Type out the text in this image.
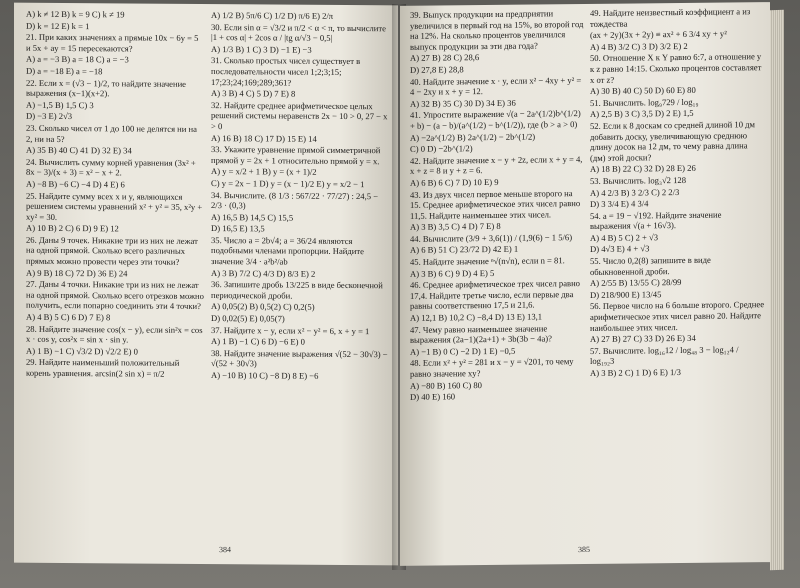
A) k ≠ 12 B) k = 9 C) k ≠ 19
D) k = 12 E) k = 1
21. При каких значениях a прямые 10x − 6y = 5 и 5x + ay = 15 пересекаются?
A) a = −3 B) a = 18 C) a = −3
D) a = −18 E) a = −18
22. Если x = (√3 − 1)/2, то найдите значение выражения (x−1)(x+2).
A) −1,5 B) 1,5 C) 3
D) −3 E) 2√3
23. Сколько чисел от 1 до 100 не делятся ни на 2, ни на 5?
A) 35 B) 40 C) 41 D) 32 E) 34
24. Вычислить сумму корней уравнения (3x² + 8x − 3)/(x + 3) = x² − x + 2.
A) −8 B) −6 C) −4 D) 4 E) 6
25. Найдите сумму всех x и y, являющихся решением системы уравнений x² + y² = 35, x²y + xy² = 30.
A) 10 B) 2 C) 6 D) 9 E) 12
26. Даны 9 точек. Никакие три из них не лежат на одной прямой. Сколько всего различных прямых можно провести через эти точки?
A) 9 B) 18 C) 72 D) 36 E) 24
27. Даны 4 точки. Никакие три из них не лежат на одной прямой. Сколько всего отрезков можно получить, если попарно соединить эти 4 точки?
A) 4 B) 5 C) 6 D) 7 E) 8
28. Найдите значение cos(x − y), если sin²x = cos x · cos y, cos²x = sin x · sin y.
A) 1 B) −1 C) √3/2 D) √2/2 E) 0
29. Найдите наименьший положительный корень уравнения. arcsin(2 sin x) = π/2
A) 1/2 B) 5π/6 C) 1/2 D) π/6 E) 2/π
30. Если sin α = √3/2 и π/2 < α < π, то вычислите |1 + cos α| + 2cos α / |tg α/√3 − 0,5|
A) 1/3 B) 1 C) 3 D) −1 E) −3
31. Сколько простых чисел существует в последовательности чисел 1;2;3;15; 17;23;24;169;289;361?
A) 3 B) 4 C) 5 D) 7 E) 8
32. Найдите среднее арифметическое целых решений системы неравенств 2x − 10 > 0, 27 − x > 0
A) 16 B) 18 C) 17 D) 15 E) 14
33. Укажите уравнение прямой симметричной прямой y = 2x + 1 относительно прямой y = x.
A) y = x/2 + 1 B) y = (x + 1)/2
C) y = 2x − 1 D) y = (x − 1)/2 E) y = x/2 − 1
34. Вычислите. (8 1/3 : 567/22 · 77/27) : 24,5 − 2/3 · (0,3)
A) 16,5 B) 14,5 C) 15,5
D) 16,5 E) 13,5
35. Число a = 2b√4; a = 36/24 являются подобными членами пропорции. Найдите значение 3/4 · a²b²/ab
A) 3 B) 7/2 C) 4/3 D) 8/3 E) 2
36. Запишите дробь 13/225 в виде бесконечной периодической дроби.
A) 0,05(2) B) 0,5(2) C) 0,2(5)
D) 0,02(5) E) 0,05(7)
37. Найдите x − y, если x² − y² = 6, x + y = 1
A) 1 B) −1 C) 6 D) −6 E) 0
38. Найдите значение выражения √(52 − 30√3) − √(52 + 30√3)
A) −10 B) 10 C) −8 D) 8 E) −6
384
39. Выпуск продукции на предприятии увеличился в первый год на 15%, во второй год на 12%. На сколько процентов увеличился выпуск продукции за эти два года?
A) 27 B) 28 C) 28,6
D) 27,8 E) 28,8
40. Найдите значение x · y, если x² − 4xy + y² = 4 − 2xy и x + y = 12.
A) 32 B) 35 C) 30 D) 34 E) 36
41. Упростите выражение √(a − 2a^(1/2)b^(1/2) + b) − (a − b)/(a^(1/2) − b^(1/2)), где (b > a > 0)
A) −2a^(1/2) B) 2a^(1/2) − 2b^(1/2)
C) 0 D) −2b^(1/2)
42. Найдите значение x − y + 2z, если x + y = 4, x + z = 8 и y + z = 6.
A) 6 B) 6 C) 7 D) 10 E) 9
43. Из двух чисел первое меньше второго на 15. Среднее арифметическое этих чисел равно 11,5. Найдите наименьшее этих чисел.
A) 3 B) 3,5 C) 4 D) 7 E) 8
44. Вычислите (3/9 + 3,6(1)) / (1,9(6) − 1 5/6)
A) 6 B) 51 C) 23/72 D) 42 E) 1
45. Найдите значение ⁿ√(n√n), если n = 81.
A) 3 B) 6 C) 9 D) 4 E) 5
46. Среднее арифметическое трех чисел равно 17,4. Найдите третье число, если первые два равны соответственно 17,5 и 21,6.
A) 12,1 B) 10,2 C) −8,4 D) 13 E) 13,1
47. Чему равно наименьшее значение выражения (2a−1)(2a+1) + 3b(3b − 4a)?
A) −1 B) 0 C) −2 D) 1 E) −0,5
48. Если x² + y² = 281 и x − y = √201, то чему равно значение xy?
A) −80 B) 160 C) 80
D) 40 E) 160
49. Найдите неизвестный коэффициент a из тождества
(ax + 2y)(3x + 2y) ≡ ax² + 6 3/4 xy + y²
A) 4 B) 3/2 C) 3 D) 3/2 E) 2
50. Отношение X к Y равно 6:7, а отношение y к z равно 14:15. Сколько процентов составляет x от z?
A) 30 B) 40 C) 50 D) 60 E) 80
51. Вычислить. log₉729 / log₁₉
A) 2,5 B) 3 C) 3,5 D) 2 E) 1,5
52. Если к 8 доскам со средней длиной 10 дм добавить доску, увеличивающую среднюю длину досок на 12 дм, то чему равна длина (дм) этой доски?
A) 18 B) 22 C) 32 D) 28 E) 26
53. Вычислить. log₃√2 128
A) 4 2/3 B) 3 2/3 C) 2 2/3
D) 3 3/4 E) 4 3/4
54. a = 19 − √192. Найдите значение выражения √(a + 16√3).
A) 4 B) 5 C) 2 + √3
D) 4√3 E) 4 + √3
55. Число 0,2(8) запишите в виде обыкновенной дроби.
A) 2/55 B) 13/55 C) 28/99
D) 218/900 E) 13/45
56. Первое число на 6 больше второго. Среднее арифметическое этих чисел равно 20. Найдите наибольшее этих чисел.
A) 27 B) 27 C) 33 D) 26 E) 34
57. Вычислите. log₁₆12 / log₄₈ 3 − log₁₂4 / log₁₉₂3
A) 3 B) 2 C) 1 D) 6 E) 1/3
385
